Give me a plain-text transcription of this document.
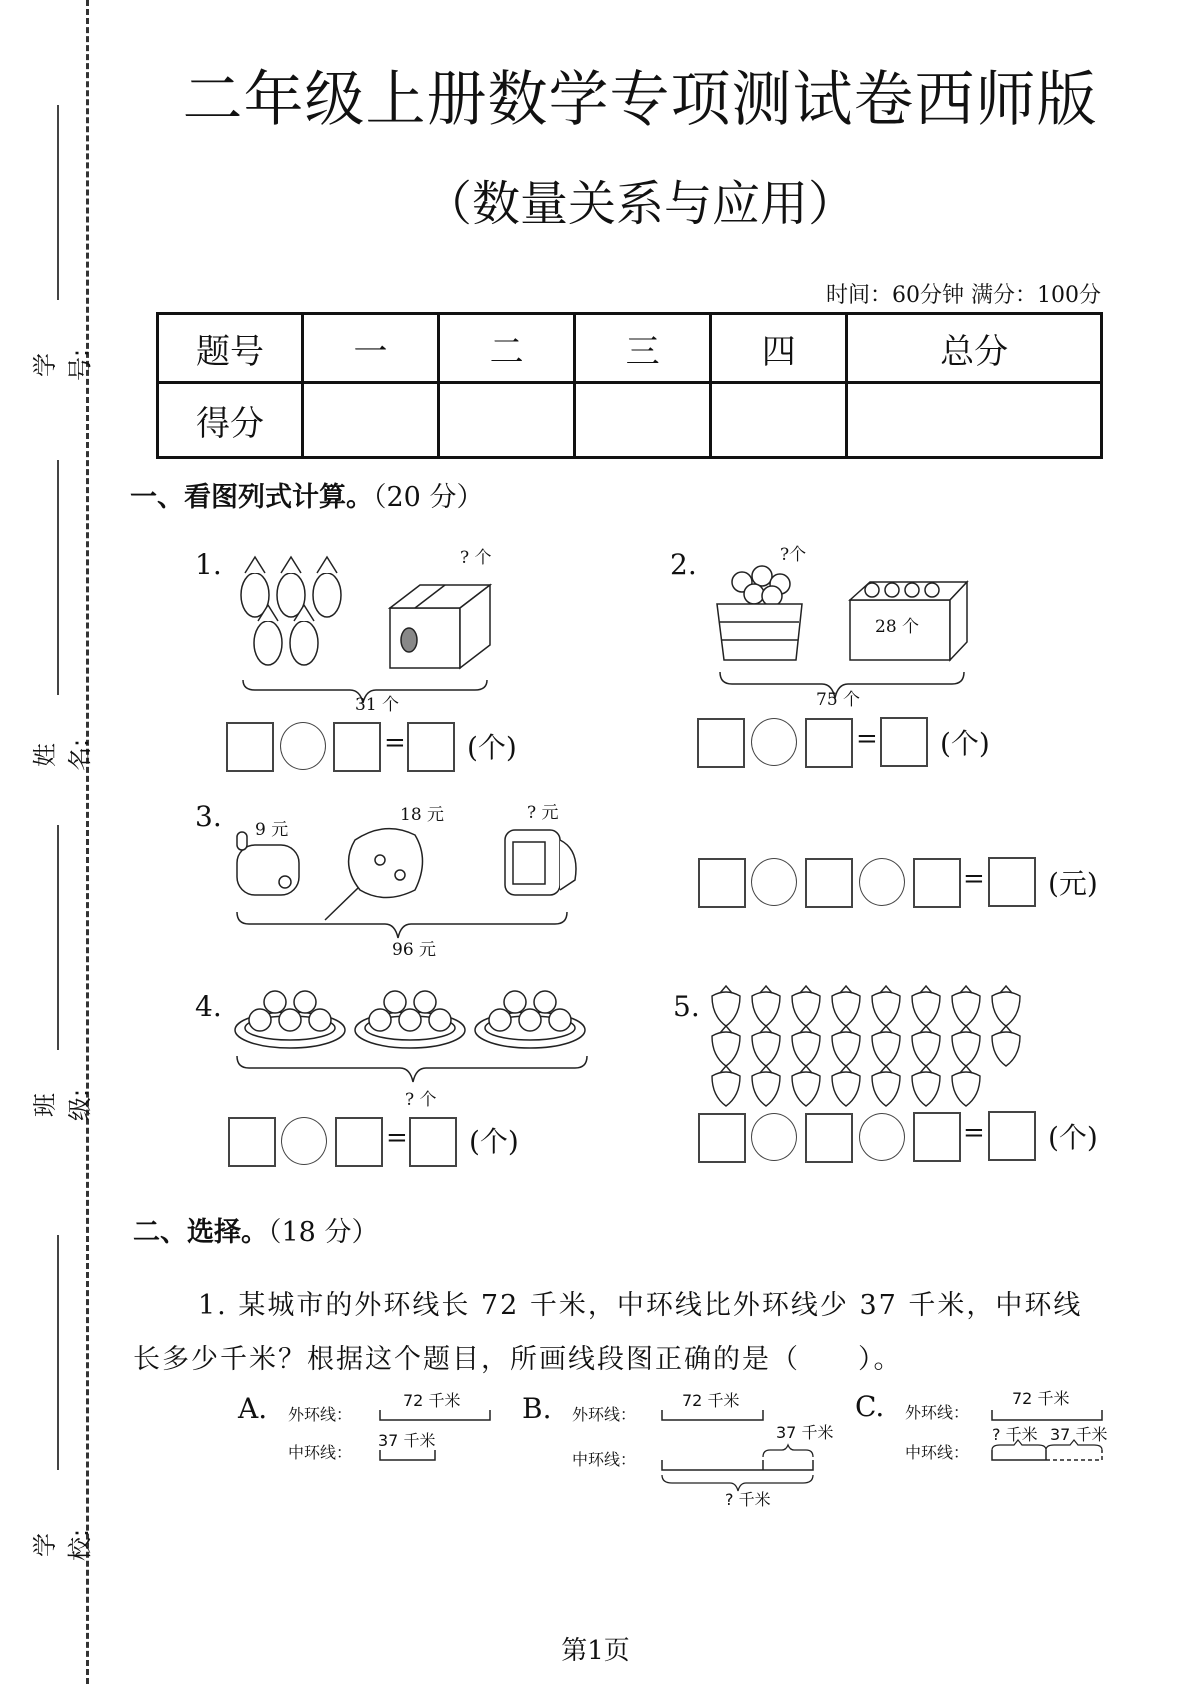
学号:
姓名:
班级:
学校:
二年级上册数学专项测试卷西师版
（数量关系与应用）
时间：60分钟 满分：100分
题号	一	二	三	四	总分
得分					
一、看图列式计算。（20 分）
1.	? 个
31 个
= (个)
2.	?个
28 个
75 个
= (个)
3. 9 元
18 元	? 元
96 元
= (元)
4.
? 个
= (个)
5.
= (个)
二、选择。（18 分）
1. 某城市的外环线长 72 千米，中环线比外环线少 37 千米，中环线
长多少千米？根据这个题目，所画线段图正确的是（　　）。
A. 外环线：
72 千米
中环线：
37 千米
B. 外环线：
72 千米
中环线：
37 千米
? 千米
C. 外环线：
72 千米
中环线：
? 千米 37 千米
第1页
